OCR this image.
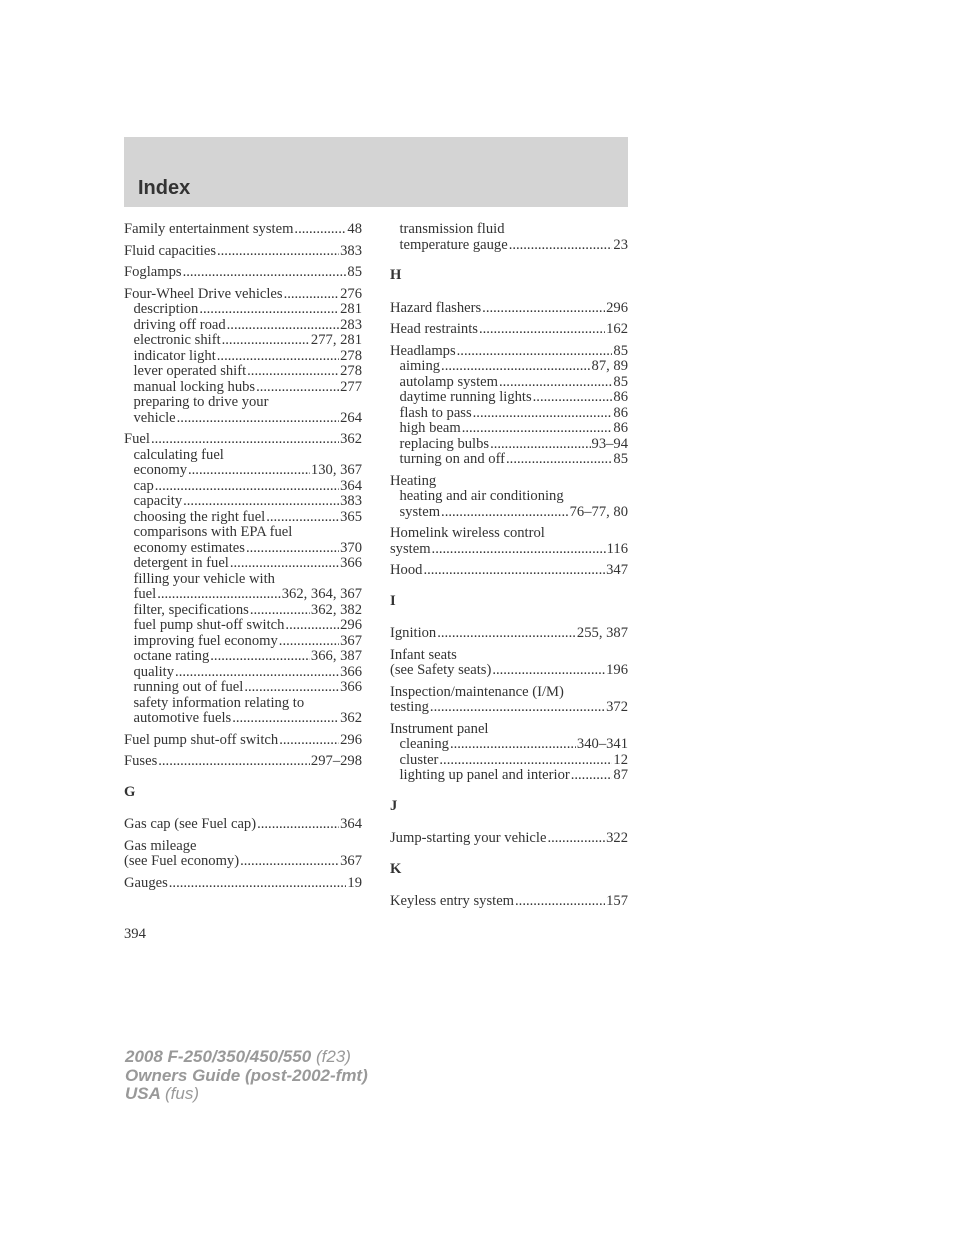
Index
Family entertainment system .....	48
Fluid capacities .....	383
Foglamps .....	85
Four-Wheel Drive vehicles .....	276
description .....	281
driving off road .....	283
electronic shift .....	277, 281
indicator light .....	278
lever operated shift .....	278
manual locking hubs .....	277
preparing to drive your
vehicle .....	264
Fuel .....	362
calculating fuel
economy .....	130, 367
cap .....	364
capacity .....	383
choosing the right fuel .....	365
comparisons with EPA fuel
economy estimates .....	370
detergent in fuel .....	366
filling your vehicle with
fuel .....	362, 364, 367
filter, specifications .....	362, 382
fuel pump shut-off switch .....	296
improving fuel economy .....	367
octane rating .....	366, 387
quality .....	366
running out of fuel .....	366
safety information relating to
automotive fuels .....	362
Fuel pump shut-off switch .....	296
Fuses .....	297–298
G
Gas cap (see Fuel cap) .....	364
Gas mileage
(see Fuel economy) .....	367
Gauges .....	19
transmission fluid
temperature gauge .....	23
H
Hazard flashers .....	296
Head restraints .....	162
Headlamps .....	85
aiming .....	87, 89
autolamp system .....	85
daytime running lights .....	86
flash to pass .....	86
high beam .....	86
replacing bulbs .....	93–94
turning on and off .....	85
Heating
heating and air conditioning
system .....	76–77, 80
Homelink wireless control
system .....	116
Hood .....	347
I
Ignition .....	255, 387
Infant seats
(see Safety seats) .....	196
Inspection/maintenance (I/M)
testing .....	372
Instrument panel
cleaning .....	340–341
cluster .....	12
lighting up panel and interior .....	87
J
Jump-starting your vehicle .....	322
K
Keyless entry system .....	157
394
2008 F-250/350/450/550 (f23)
Owners Guide (post-2002-fmt)
USA (fus)
